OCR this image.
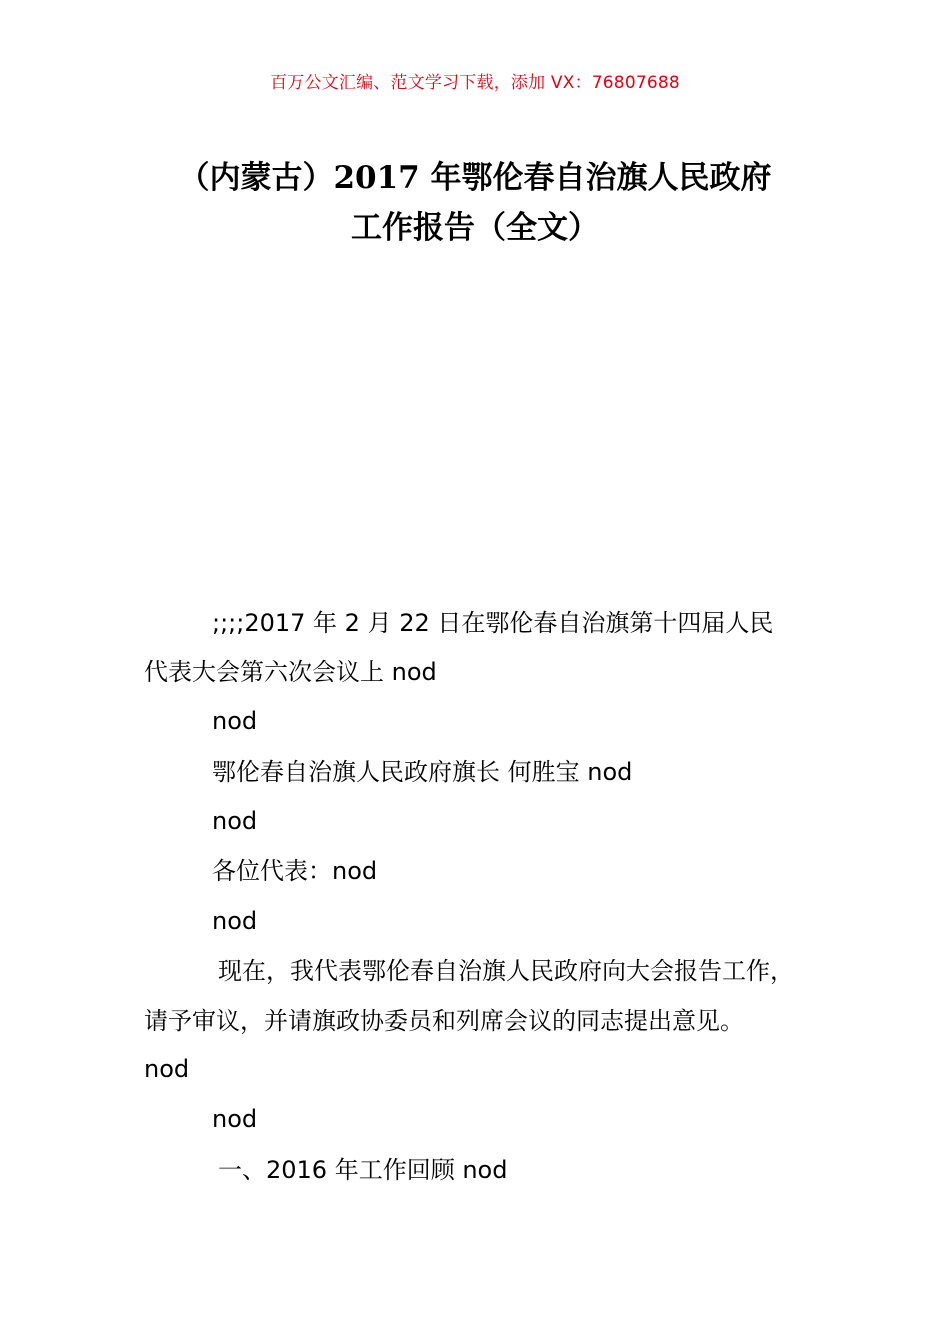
百万公文汇编、范文学习下载，添加 VX：76807688
（内蒙古）2017 年鄂伦春自治旗人民政府
工作报告（全文）
;;;;2017 年 2 月 22 日在鄂伦春自治旗第十四届人民
代表大会第六次会议上 nod
nod
鄂伦春自治旗人民政府旗长 何胜宝 nod
nod
各位代表：nod
nod
现在，我代表鄂伦春自治旗人民政府向大会报告工作，
请予审议，并请旗政协委员和列席会议的同志提出意见。
nod
nod
一、2016 年工作回顾 nod
